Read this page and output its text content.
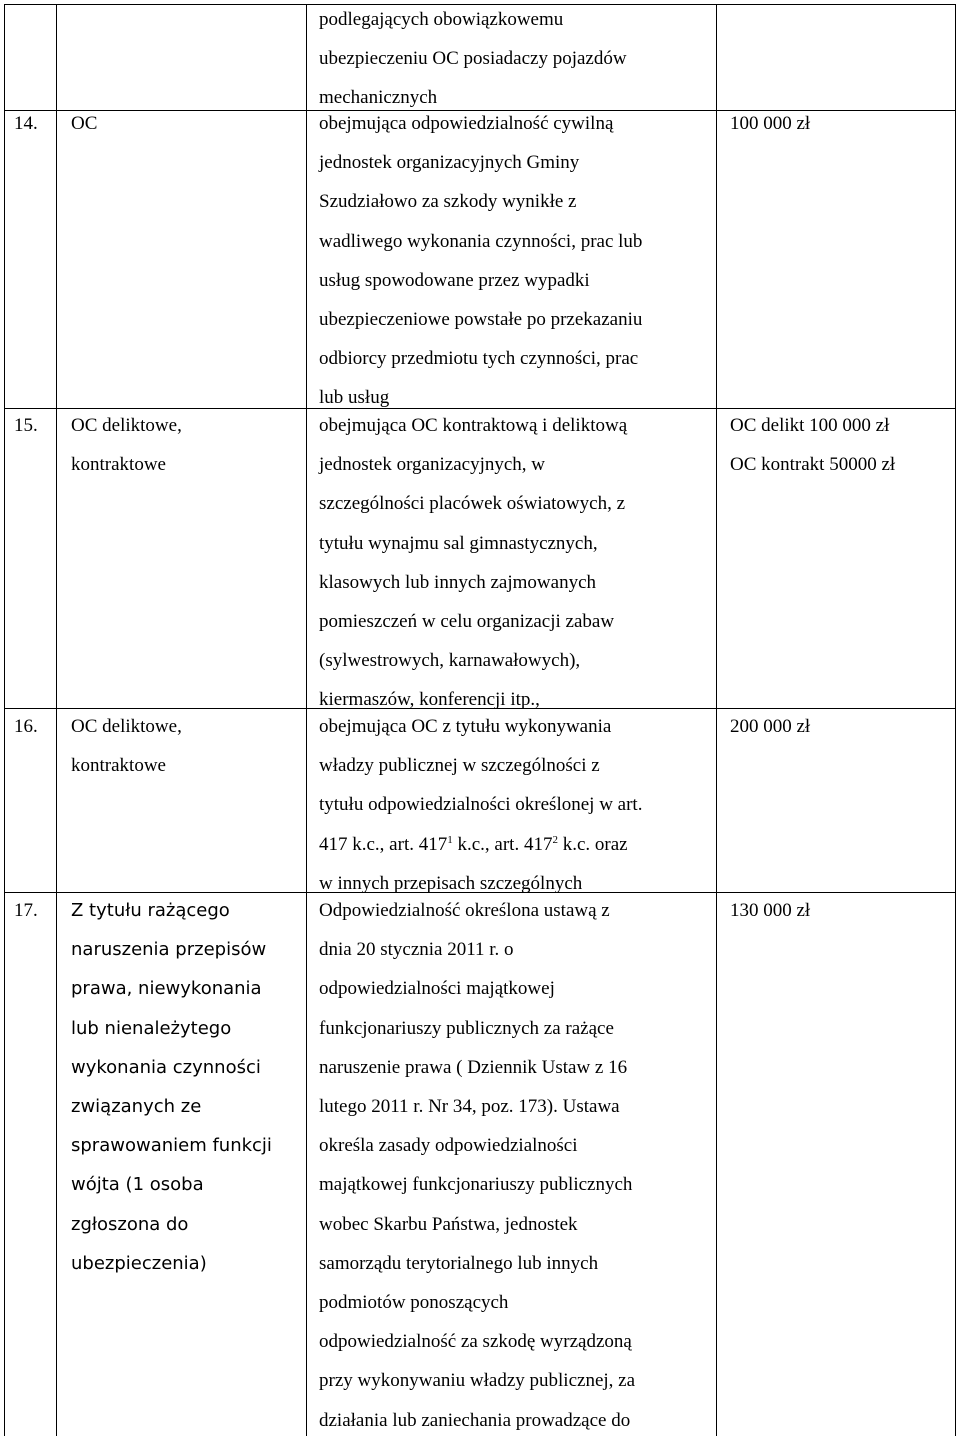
podlegających obowiązkowemu
ubezpieczeniu OC posiadaczy pojazdów
mechanicznych
14. OC	obejmująca odpowiedzialność cywilną
jednostek organizacyjnych Gminy
Szudziałowo za szkody wynikłe z
wadliwego wykonania czynności, prac lub
usług spowodowane przez wypadki
ubezpieczeniowe powstałe po przekazaniu
odbiorcy przedmiotu tych czynności, prac
lub usług
100 000 zł
15. OC deliktowe,
kontraktowe
obejmująca OC kontraktową i deliktową
jednostek organizacyjnych, w
szczególności placówek oświatowych, z
tytułu wynajmu sal gimnastycznych,
klasowych lub innych zajmowanych
pomieszczeń w celu organizacji zabaw
(sylwestrowych, karnawałowych),
kiermaszów, konferencji itp.,
OC delikt 100 000 zł
OC kontrakt 50000 zł
16. OC deliktowe,
kontraktowe
obejmująca OC z tytułu wykonywania
władzy publicznej w szczególności z
tytułu odpowiedzialności określonej w art.
417 k.c., art. $417^1$ k.c., art. $417^2$ k.c. oraz
w innych przepisach szczególnych
200 000 zł
17. Z tytułu rażącego
naruszenia przepisów
prawa, niewykonania
lub nienależytego
wykonania czynności
związanych ze
sprawowaniem funkcji
wójta (1 osoba
zgłoszona do
ubezpieczenia)
Odpowiedzialność określona ustawą z
dnia 20 stycznia 2011 r. o
odpowiedzialności majątkowej
funkcjonariuszy publicznych za rażące
naruszenie prawa ( Dziennik Ustaw z 16
lutego 2011 r. Nr 34, poz. 173). Ustawa
określa zasady odpowiedzialności
majątkowej funkcjonariuszy publicznych
wobec Skarbu Państwa, jednostek
samorządu terytorialnego lub innych
podmiotów ponoszących
odpowiedzialność za szkodę wyrządzoną
przy wykonywaniu władzy publicznej, za
działania lub zaniechania prowadzące do
130 000 zł
